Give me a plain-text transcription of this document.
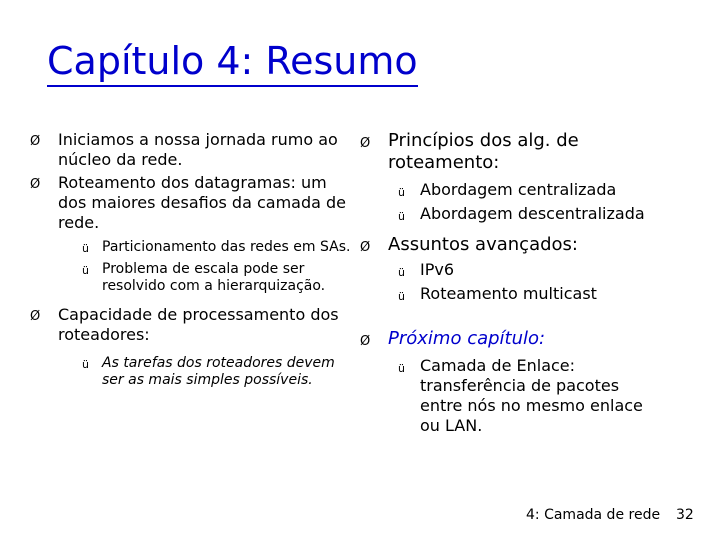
Capítulo 4: Resumo
Ø Iniciamos a nossa jornada rumo ao núcleo da rede.
Ø Roteamento dos datagramas: um dos maiores desafios da camada de rede.
ü Particionamento das redes em SAs.
ü Problema de escala pode ser resolvido com a hierarquização.
Ø Capacidade de processamento dos roteadores:
ü As tarefas dos roteadores devem ser as mais simples possíveis.
Ø Princípios dos alg. de roteamento:
ü Abordagem centralizada
ü Abordagem descentralizada
Ø Assuntos avançados:
ü IPv6
ü Roteamento multicast
Ø Próximo capítulo:
ü Camada de Enlace: transferência de pacotes entre nós no mesmo enlace ou LAN.
4: Camada de rede 32
